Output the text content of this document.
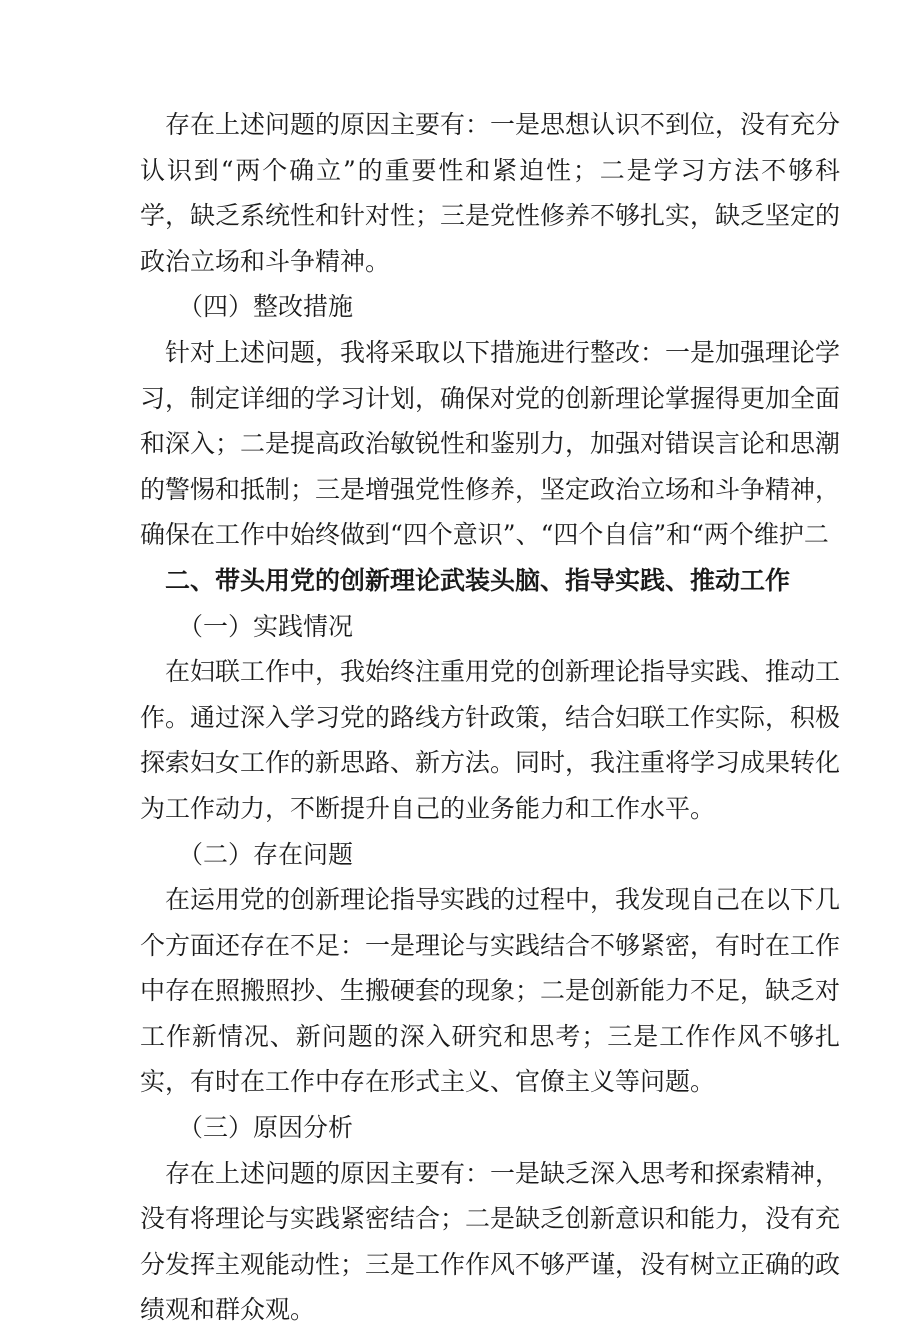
存在上述问题的原因主要有：一是思想认识不到位，没有充分认识到“两个确立”的重要性和紧迫性；二是学习方法不够科学，缺乏系统性和针对性；三是党性修养不够扎实，缺乏坚定的政治立场和斗争精神。

（四）整改措施

针对上述问题，我将采取以下措施进行整改：一是加强理论学习，制定详细的学习计划，确保对党的创新理论掌握得更加全面和深入；二是提高政治敏锐性和鉴别力，加强对错误言论和思潮的警惕和抵制；三是增强党性修养，坚定政治立场和斗争精神，确保在工作中始终做到“四个意识”、“四个自信”和“两个维护二

二、带头用党的创新理论武装头脑、指导实践、推动工作

（一）实践情况

在妇联工作中，我始终注重用党的创新理论指导实践、推动工作。通过深入学习党的路线方针政策，结合妇联工作实际，积极探索妇女工作的新思路、新方法。同时，我注重将学习成果转化为工作动力，不断提升自己的业务能力和工作水平。

（二）存在问题

在运用党的创新理论指导实践的过程中，我发现自己在以下几个方面还存在不足：一是理论与实践结合不够紧密，有时在工作中存在照搬照抄、生搬硬套的现象；二是创新能力不足，缺乏对工作新情况、新问题的深入研究和思考；三是工作作风不够扎实，有时在工作中存在形式主义、官僚主义等问题。

（三）原因分析

存在上述问题的原因主要有：一是缺乏深入思考和探索精神，没有将理论与实践紧密结合；二是缺乏创新意识和能力，没有充分发挥主观能动性；三是工作作风不够严谨，没有树立正确的政绩观和群众观。
